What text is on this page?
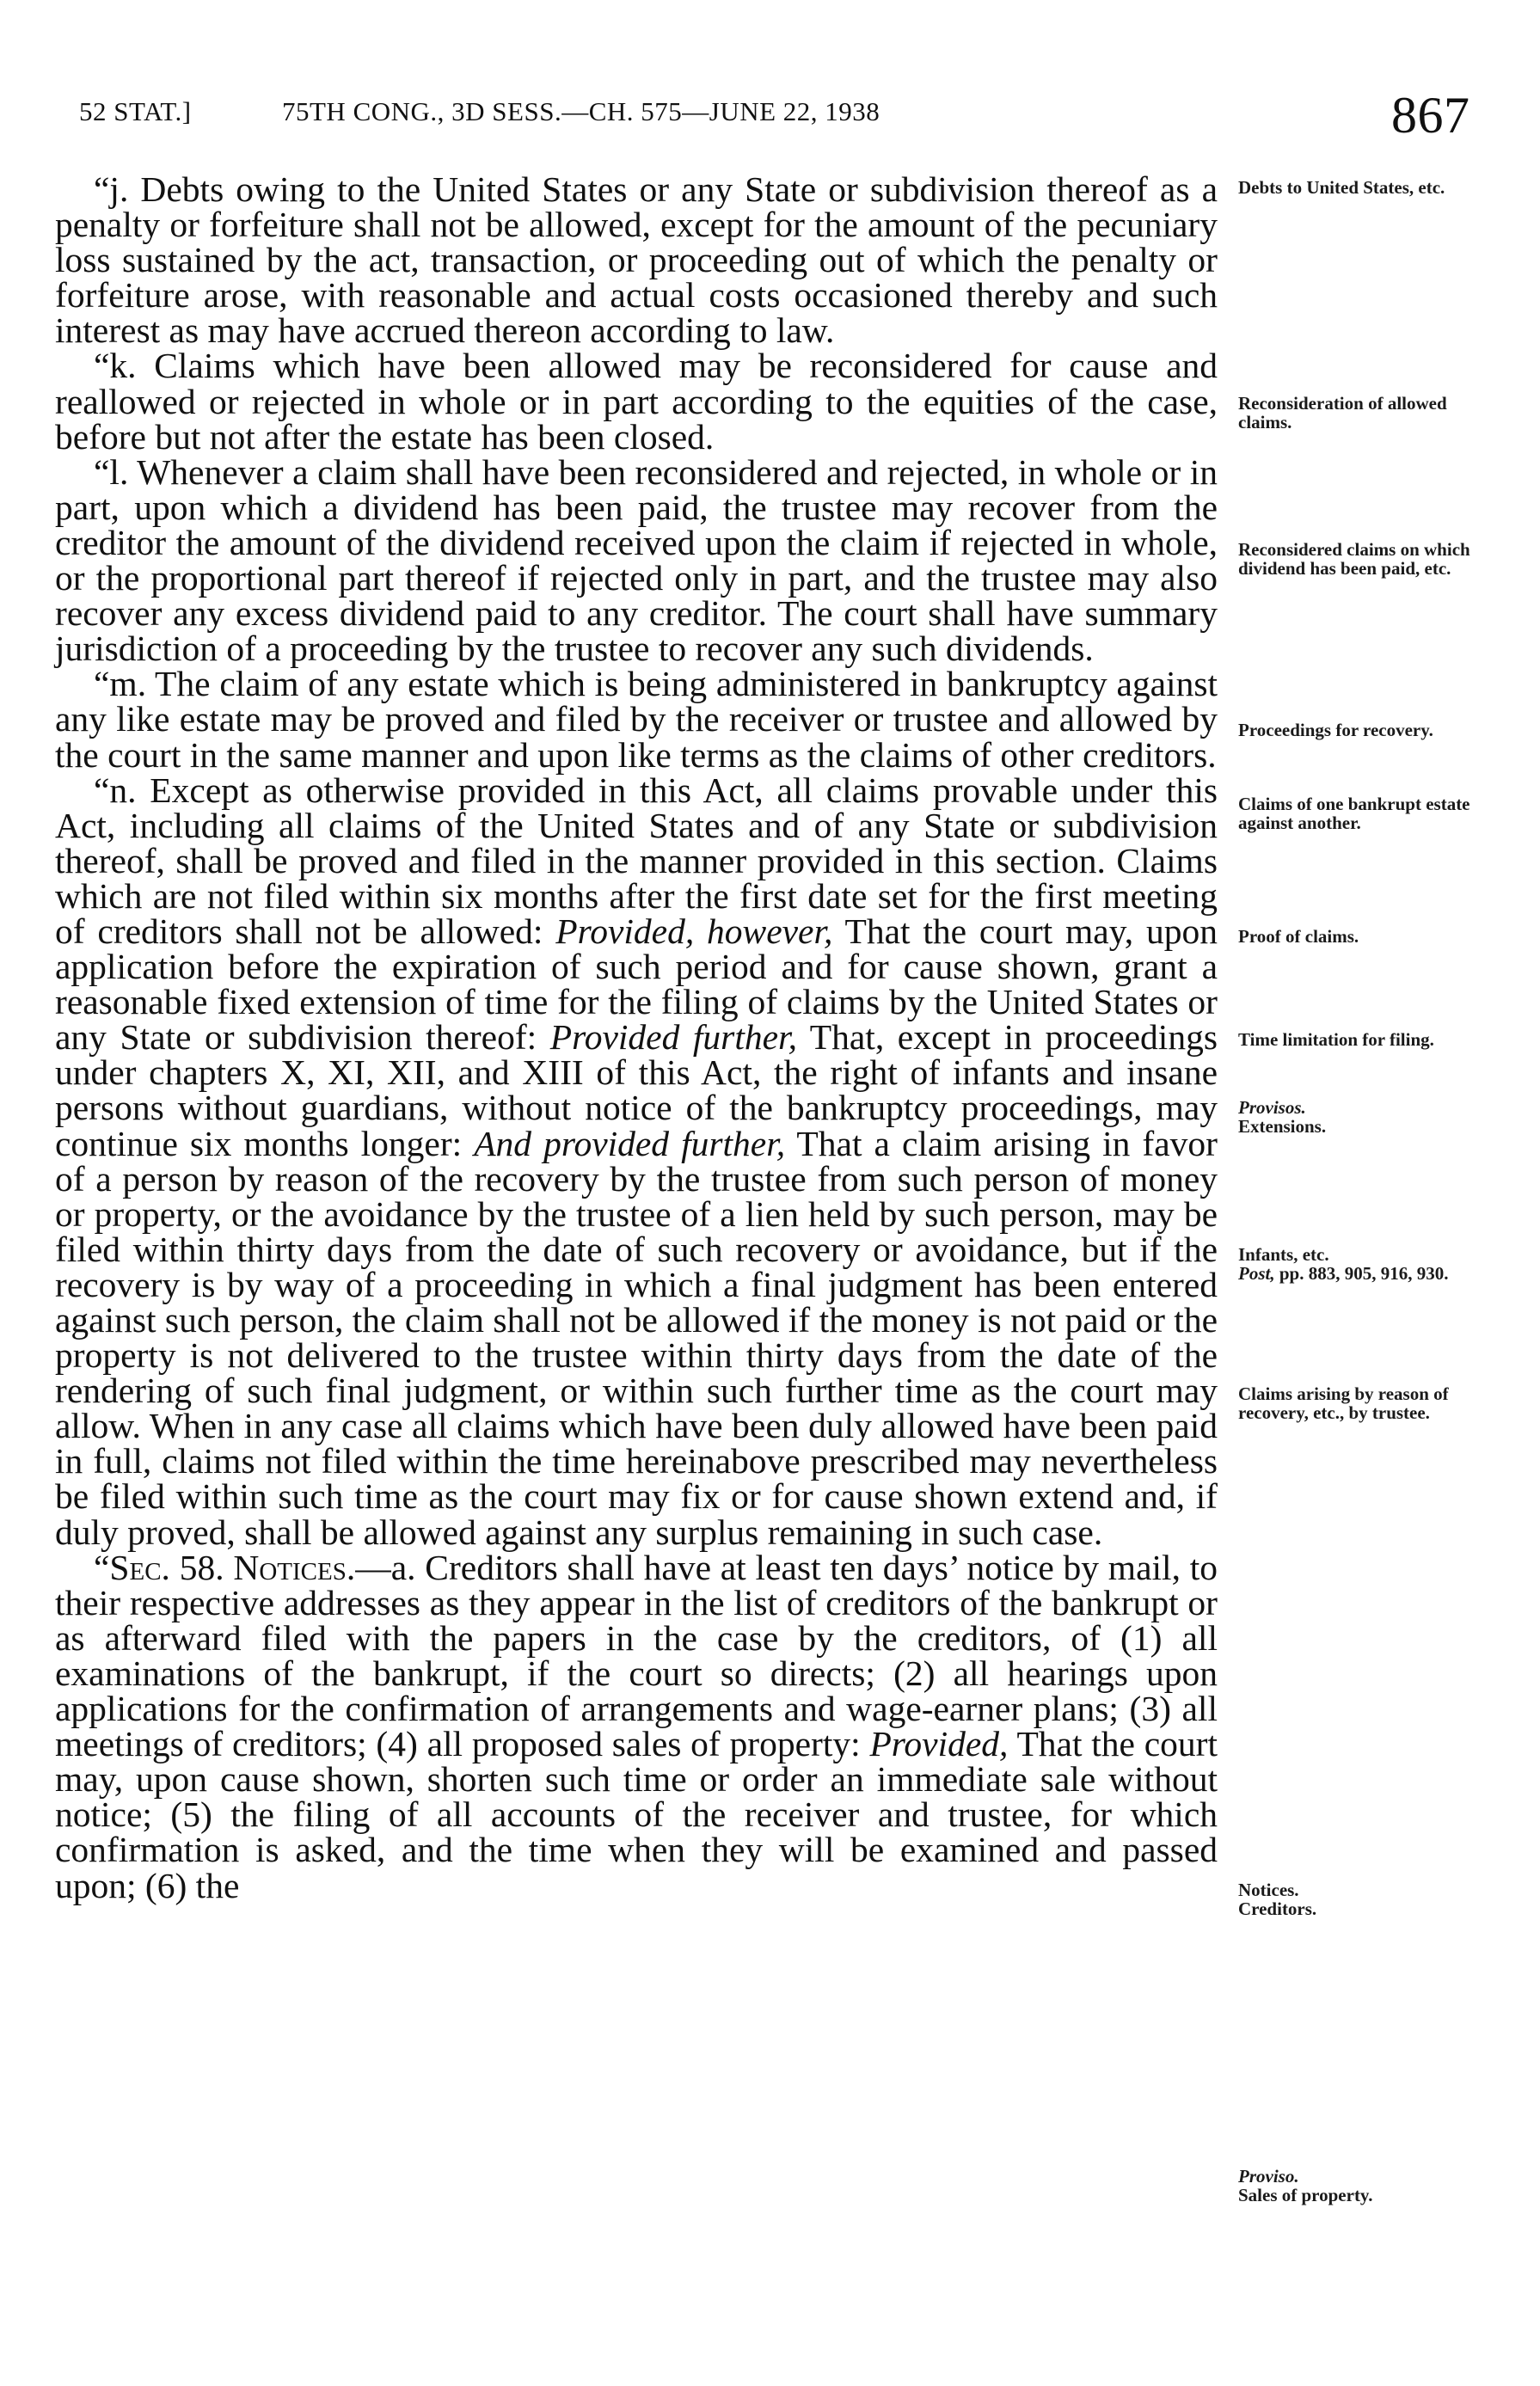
52 STAT.]	75TH CONG., 3D SESS.—CH. 575—JUNE 22, 1938	867

“j. Debts owing to the United States or any State or subdivision thereof as a penalty or forfeiture shall not be allowed, except for the amount of the pecuniary loss sustained by the act, transaction, or proceeding out of which the penalty or forfeiture arose, with reasonable and actual costs occasioned thereby and such interest as may have accrued thereon according to law.

“k. Claims which have been allowed may be reconsidered for cause and reallowed or rejected in whole or in part according to the equities of the case, before but not after the estate has been closed.

“l. Whenever a claim shall have been reconsidered and rejected, in whole or in part, upon which a dividend has been paid, the trustee may recover from the creditor the amount of the dividend received upon the claim if rejected in whole, or the proportional part thereof if rejected only in part, and the trustee may also recover any excess dividend paid to any creditor. The court shall have summary jurisdiction of a proceeding by the trustee to recover any such dividends.

“m. The claim of any estate which is being administered in bankruptcy against any like estate may be proved and filed by the receiver or trustee and allowed by the court in the same manner and upon like terms as the claims of other creditors.

“n. Except as otherwise provided in this Act, all claims provable under this Act, including all claims of the United States and of any State or subdivision thereof, shall be proved and filed in the manner provided in this section. Claims which are not filed within six months after the first date set for the first meeting of creditors shall not be allowed: Provided, however, That the court may, upon application before the expiration of such period and for cause shown, grant a reasonable fixed extension of time for the filing of claims by the United States or any State or subdivision thereof: Provided further, That, except in proceedings under chapters X, XI, XII, and XIII of this Act, the right of infants and insane persons without guardians, without notice of the bankruptcy proceedings, may continue six months longer: And provided further, That a claim arising in favor of a person by reason of the recovery by the trustee from such person of money or property, or the avoidance by the trustee of a lien held by such person, may be filed within thirty days from the date of such recovery or avoidance, but if the recovery is by way of a proceeding in which a final judgment has been entered against such person, the claim shall not be allowed if the money is not paid or the property is not delivered to the trustee within thirty days from the date of the rendering of such final judgment, or within such further time as the court may allow. When in any case all claims which have been duly allowed have been paid in full, claims not filed within the time hereinabove prescribed may nevertheless be filed within such time as the court may fix or for cause shown extend and, if duly proved, shall be allowed against any surplus remaining in such case.

“Sec. 58. Notices.—a. Creditors shall have at least ten days’ notice by mail, to their respective addresses as they appear in the list of creditors of the bankrupt or as afterward filed with the papers in the case by the creditors, of (1) all examinations of the bankrupt, if the court so directs; (2) all hearings upon applications for the confirmation of arrangements and wage-earner plans; (3) all meetings of creditors; (4) all proposed sales of property: Provided, That the court may, upon cause shown, shorten such time or order an immediate sale without notice; (5) the filing of all accounts of the receiver and trustee, for which confirmation is asked, and the time when they will be examined and passed upon; (6) the

Debts to United States, etc.
Reconsideration of allowed claims.
Reconsidered claims on which dividend has been paid, etc.
Proceedings for recovery.
Claims of one bankrupt estate against another.
Proof of claims.
Time limitation for filing.
Provisos.
Extensions.
Infants, etc.
Post, pp. 883, 905, 916, 930.
Claims arising by reason of recovery, etc., by trustee.
Notices.
Creditors.
Proviso.
Sales of property.
